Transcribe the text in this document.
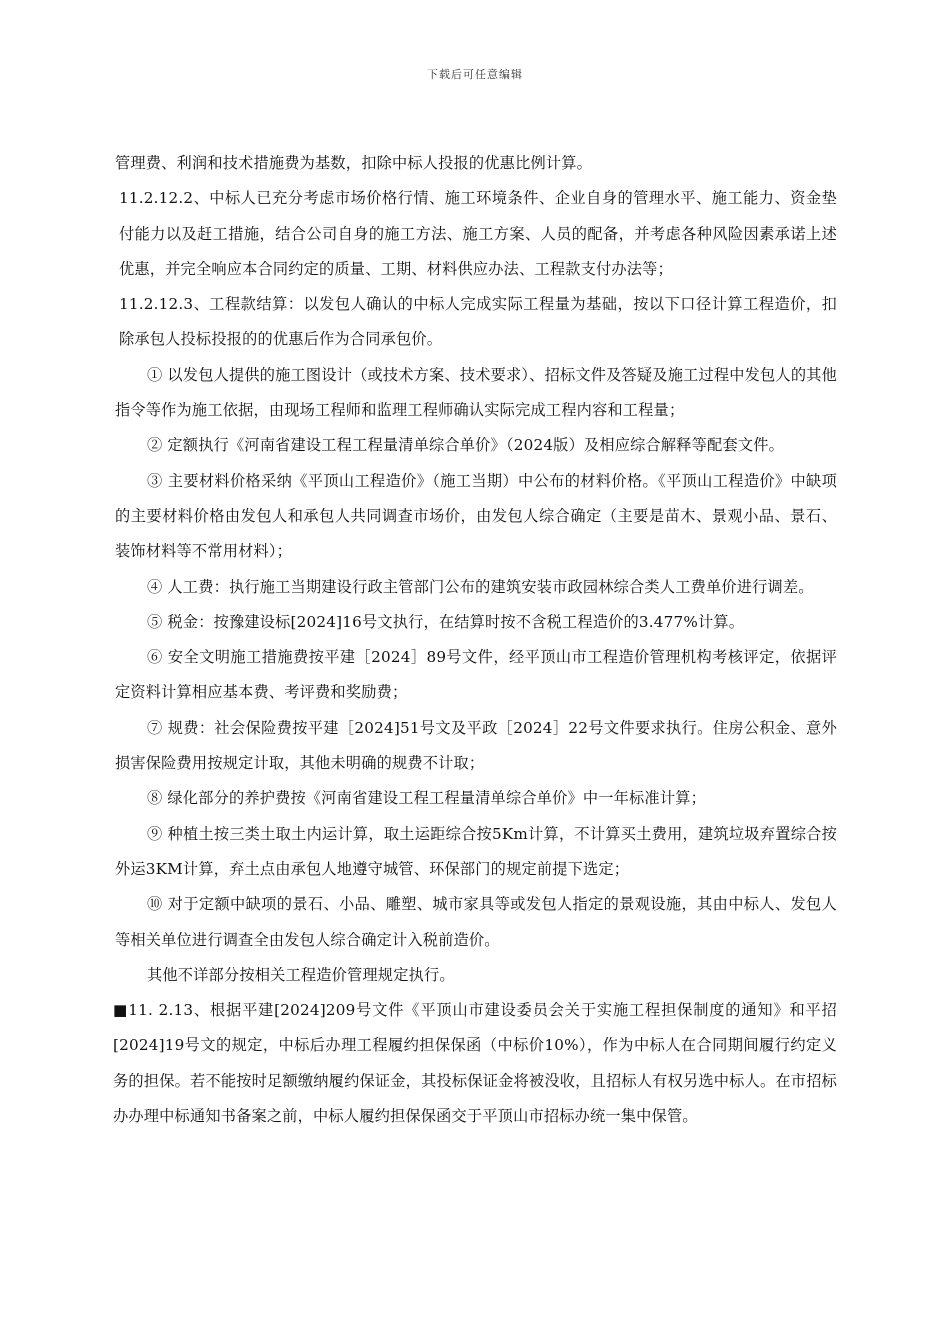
下载后可任意编辑

管理费、利润和技术措施费为基数，扣除中标人投报的优惠比例计算。

11.2.12.2、中标人已充分考虑市场价格行情、施工环境条件、企业自身的管理水平、施工能力、资金垫付能力以及赶工措施，结合公司自身的施工方法、施工方案、人员的配备，并考虑各种风险因素承诺上述优惠，并完全响应本合同约定的质量、工期、材料供应办法、工程款支付办法等；

11.2.12.3、工程款结算：以发包人确认的中标人完成实际工程量为基础，按以下口径计算工程造价，扣除承包人投标投报的的优惠后作为合同承包价。

① 以发包人提供的施工图设计（或技术方案、技术要求）、招标文件及答疑及施工过程中发包人的其他指令等作为施工依据，由现场工程师和监理工程师确认实际完成工程内容和工程量；

② 定额执行《河南省建设工程工程量清单综合单价》（2024版）及相应综合解释等配套文件。

③ 主要材料价格采纳《平顶山工程造价》（施工当期）中公布的材料价格。《平顶山工程造价》中缺项的主要材料价格由发包人和承包人共同调查市场价，由发包人综合确定（主要是苗木、景观小品、景石、装饰材料等不常用材料）；

④ 人工费：执行施工当期建设行政主管部门公布的建筑安装市政园林综合类人工费单价进行调差。

⑤ 税金：按豫建设标[2024]16号文执行，在结算时按不含税工程造价的3.477%计算。

⑥ 安全文明施工措施费按平建［2024］89号文件，经平顶山市工程造价管理机构考核评定，依据评定资料计算相应基本费、考评费和奖励费；

⑦ 规费：社会保险费按平建［2024]51号文及平政［2024］22号文件要求执行。住房公积金、意外损害保险费用按规定计取，其他未明确的规费不计取；

⑧ 绿化部分的养护费按《河南省建设工程工程量清单综合单价》中一年标准计算；

⑨ 种植土按三类土取土内运计算，取土运距综合按5Km计算，不计算买土费用，建筑垃圾弃置综合按外运3KM计算，弃土点由承包人地遵守城管、环保部门的规定前提下选定；

⑩ 对于定额中缺项的景石、小品、雕塑、城市家具等或发包人指定的景观设施，其由中标人、发包人等相关单位进行调查全由发包人综合确定计入税前造价。

其他不详部分按相关工程造价管理规定执行。

■11. 2.13、根据平建[2024]209号文件《平顶山市建设委员会关于实施工程担保制度的通知》和平招[2024]19号文的规定，中标后办理工程履约担保保函（中标价10%），作为中标人在合同期间履行约定义务的担保。若不能按时足额缴纳履约保证金，其投标保证金将被没收，且招标人有权另选中标人。在市招标办办理中标通知书备案之前，中标人履约担保保函交于平顶山市招标办统一集中保管。
